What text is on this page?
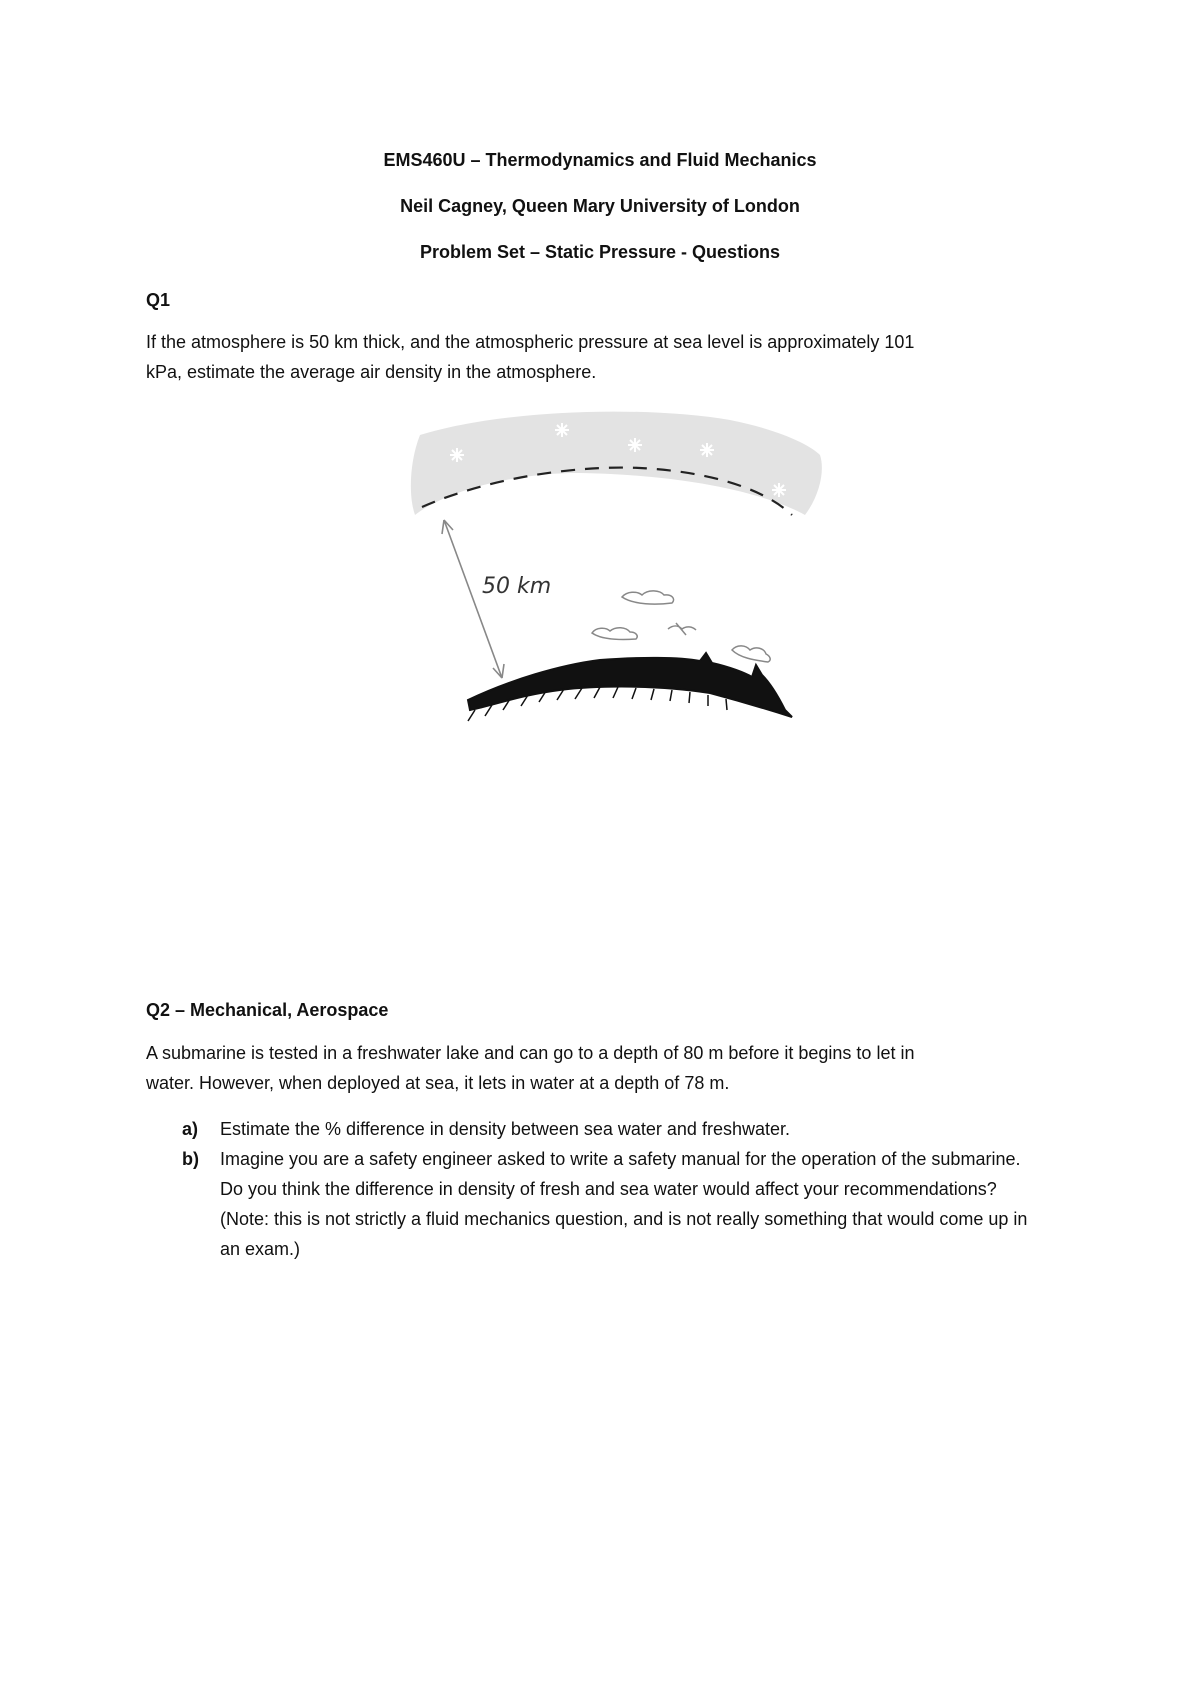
EMS460U – Thermodynamics and Fluid Mechanics
Neil Cagney, Queen Mary University of London
Problem Set – Static Pressure - Questions
Q1
If the atmosphere is 50 km thick, and the atmospheric pressure at sea level is approximately 101
kPa, estimate the average air density in the atmosphere.
50 km
Q2 – Mechanical, Aerospace
A submarine is tested in a freshwater lake and can go to a depth of 80 m before it begins to let in
water. However, when deployed at sea, it lets in water at a depth of 78 m.
a) Estimate the % difference in density between sea water and freshwater.
b) Imagine you are a safety engineer asked to write a safety manual for the operation of the submarine. Do you think the difference in density of fresh and sea water would affect your recommendations? (Note: this is not strictly a fluid mechanics question, and is not really something that would come up in an exam.)
